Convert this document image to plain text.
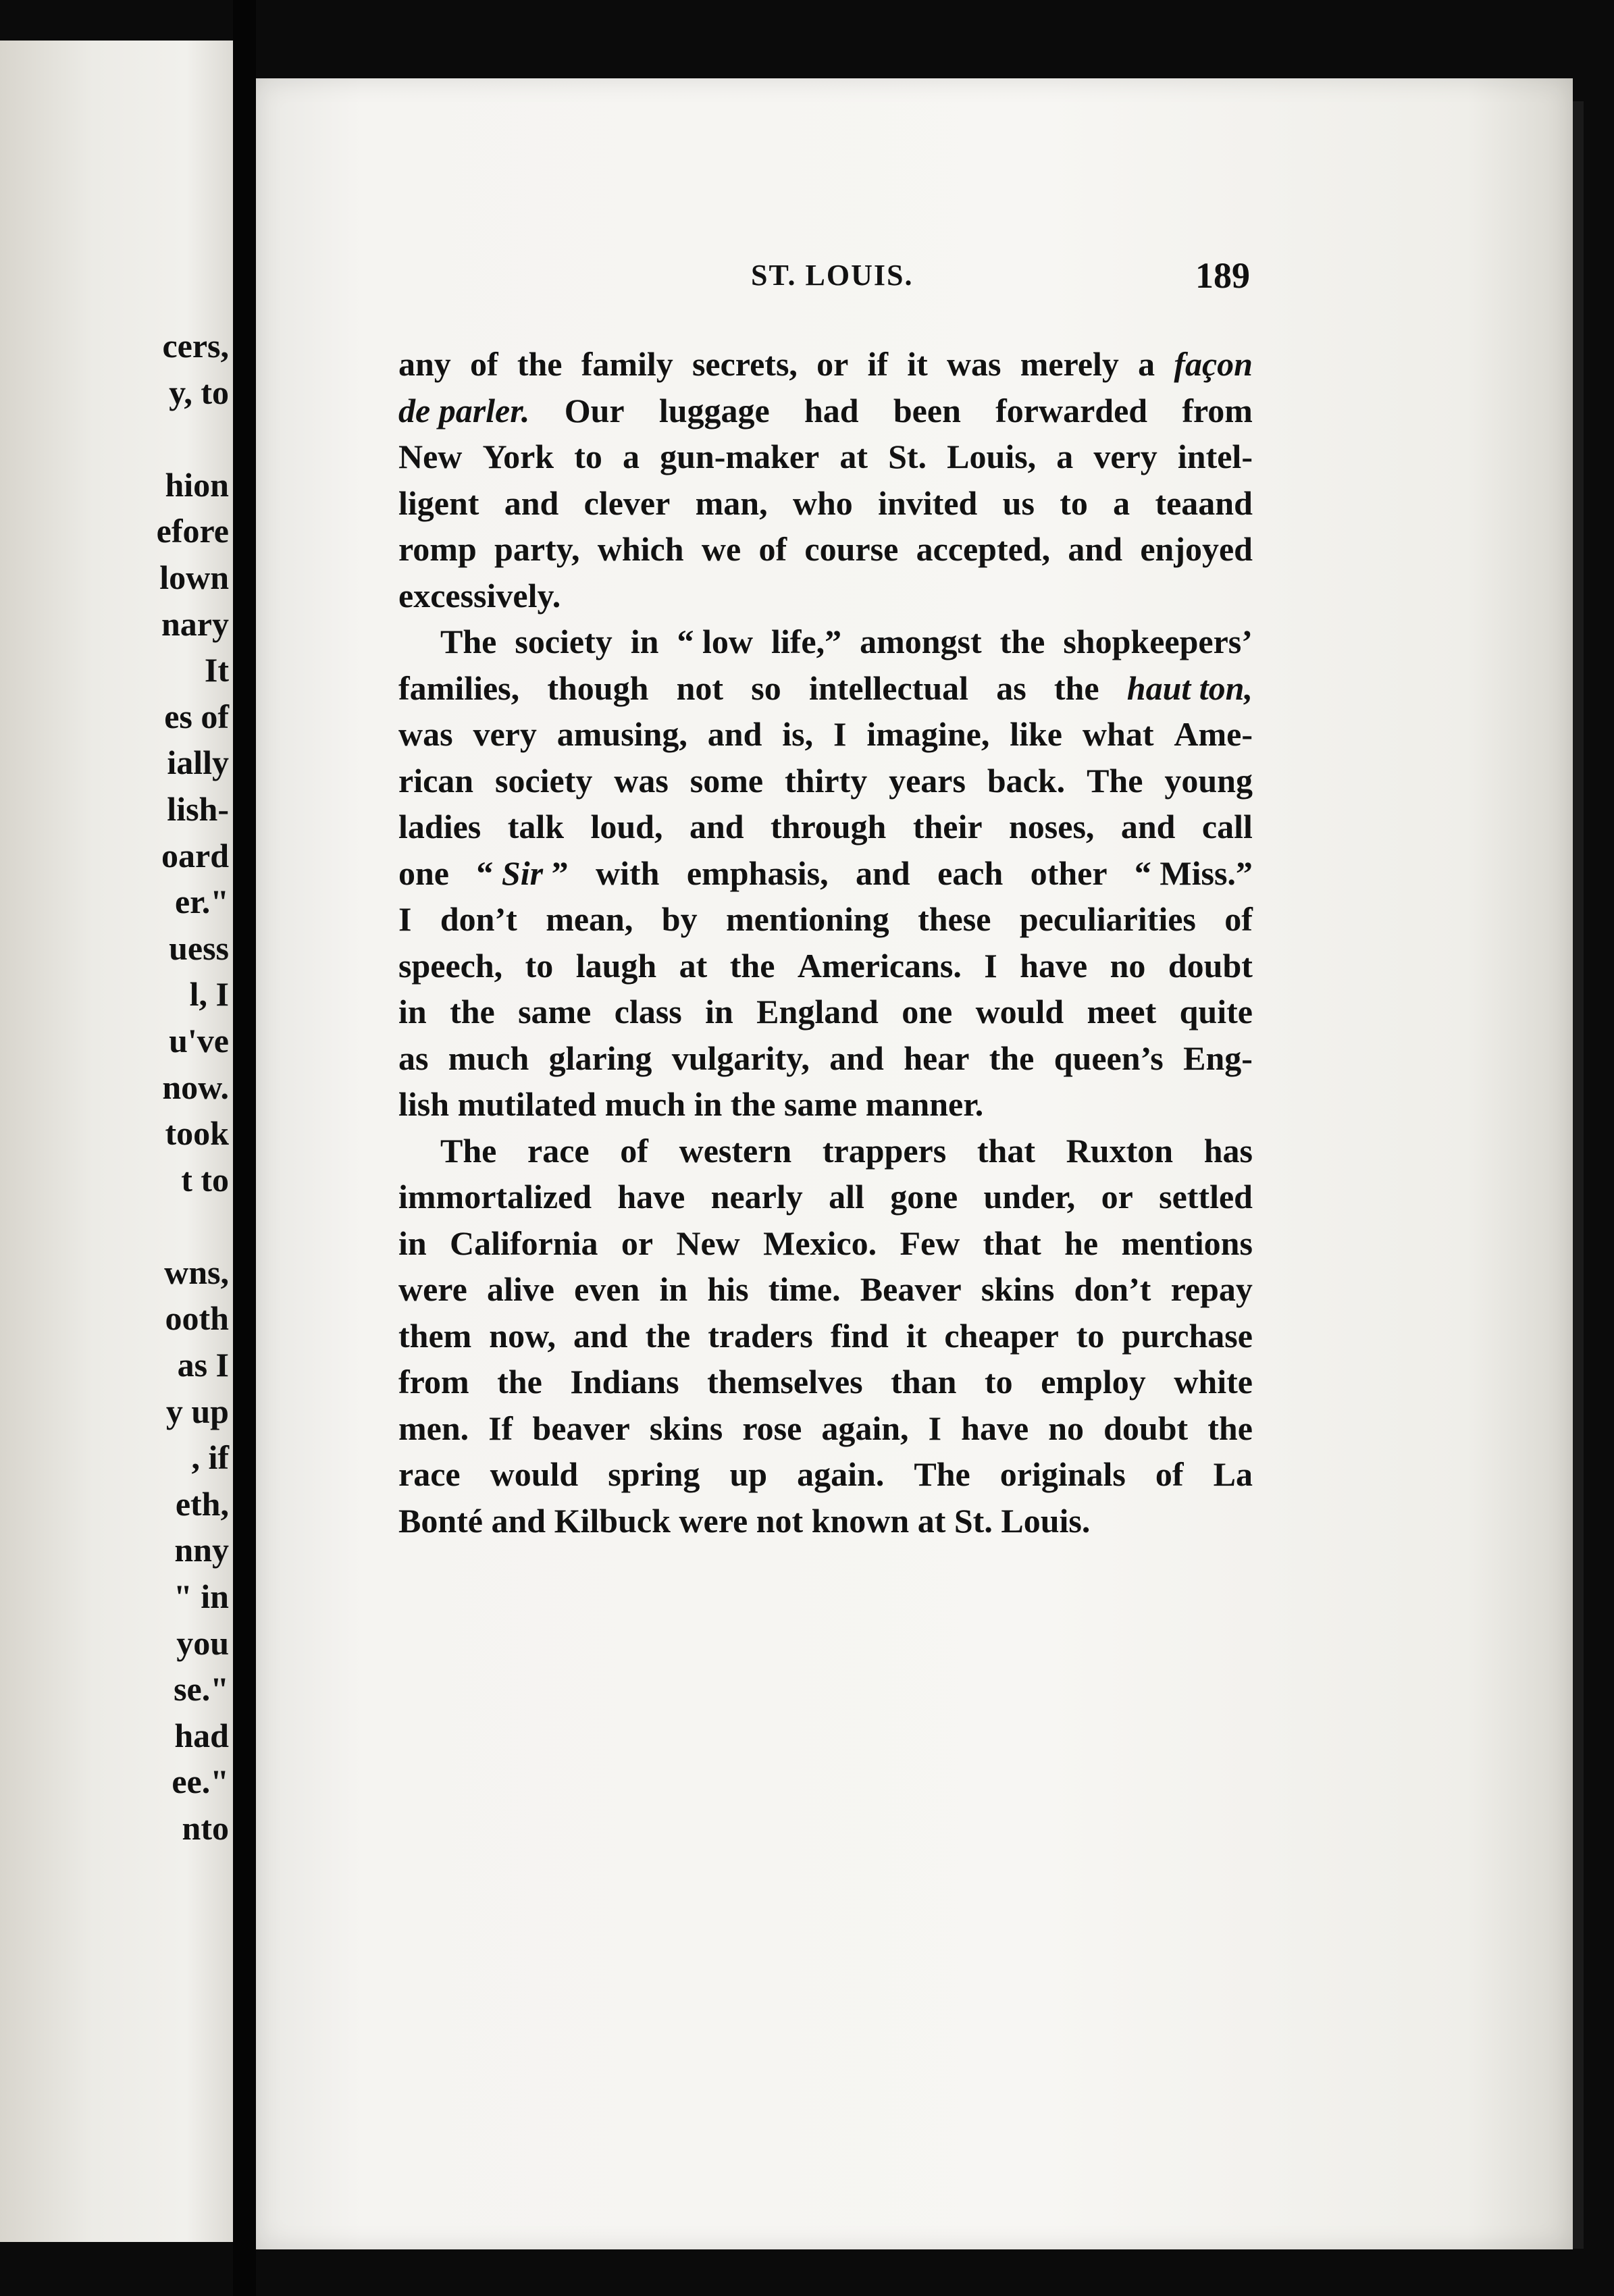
cers,
y, to
hion
efore
lown
nary
It
es of
ially
lish-
oard
er."
uess
l, I
u've
now.
took
t to
wns,
ooth
as I
y up
, if
eth,
nny
" in
you
se."
had
ee."
nto
ST. LOUIS.	189
any of the family secrets, or if it was merely a façon
de parler. Our luggage had been forwarded from
New York to a gun-maker at St. Louis, a very intel-
ligent and clever man, who invited us to a teaand
romp party, which we of course accepted, and enjoyed
excessively.
The society in “ low life,” amongst the shopkeepers’
families, though not so intellectual as the haut ton,
was very amusing, and is, I imagine, like what Ame-
rican society was some thirty years back. The young
ladies talk loud, and through their noses, and call
one “ Sir ” with emphasis, and each other “ Miss.”
I don’t mean, by mentioning these peculiarities of
speech, to laugh at the Americans. I have no doubt
in the same class in England one would meet quite
as much glaring vulgarity, and hear the queen’s Eng-
lish
mutilated
much
in
the
same
manner.
The race of western trappers that Ruxton has
immortalized have nearly all gone under, or settled
in California or New Mexico. Few that he mentions
were alive even in his time. Beaver skins don’t repay
them now, and the traders find it cheaper to purchase
from the Indians themselves than to employ white
men. If beaver skins rose again, I have no doubt the
race would spring up again. The originals of La
Bonté
and
Kilbuck
were
not
known
at
St.
Louis.
